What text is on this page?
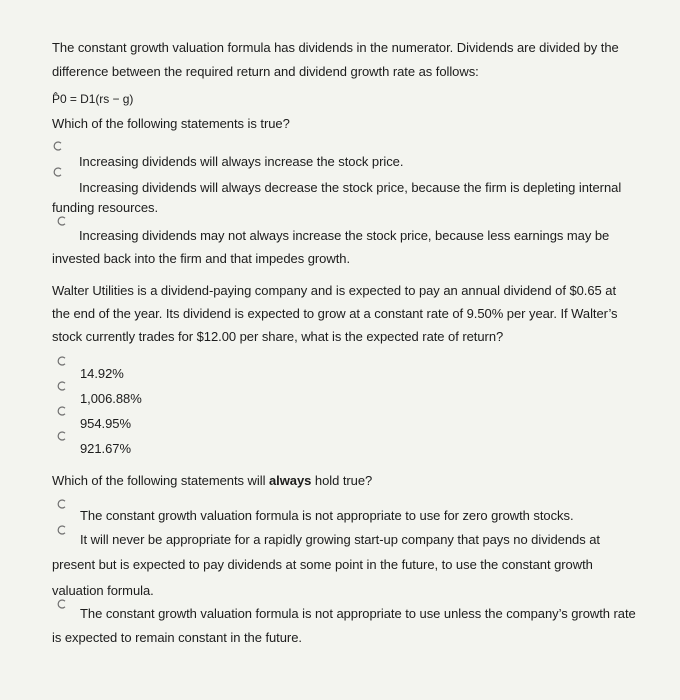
The constant growth valuation formula has dividends in the numerator. Dividends are divided by the
difference between the required return and dividend growth rate as follows:
P̂0 = D1(rs − g)
Which of the following statements is true?
Increasing dividends will always increase the stock price.
Increasing dividends will always decrease the stock price, because the firm is depleting internal
funding resources.
Increasing dividends may not always increase the stock price, because less earnings may be
invested back into the firm and that impedes growth.
Walter Utilities is a dividend-paying company and is expected to pay an annual dividend of $0.65 at
the end of the year. Its dividend is expected to grow at a constant rate of 9.50% per year. If Walter’s
stock currently trades for $12.00 per share, what is the expected rate of return?
14.92%
1,006.88%
954.95%
921.67%
Which of the following statements will always hold true?
The constant growth valuation formula is not appropriate to use for zero growth stocks.
It will never be appropriate for a rapidly growing start-up company that pays no dividends at
present but is expected to pay dividends at some point in the future, to use the constant growth
valuation formula.
The constant growth valuation formula is not appropriate to use unless the company’s growth rate
is expected to remain constant in the future.
